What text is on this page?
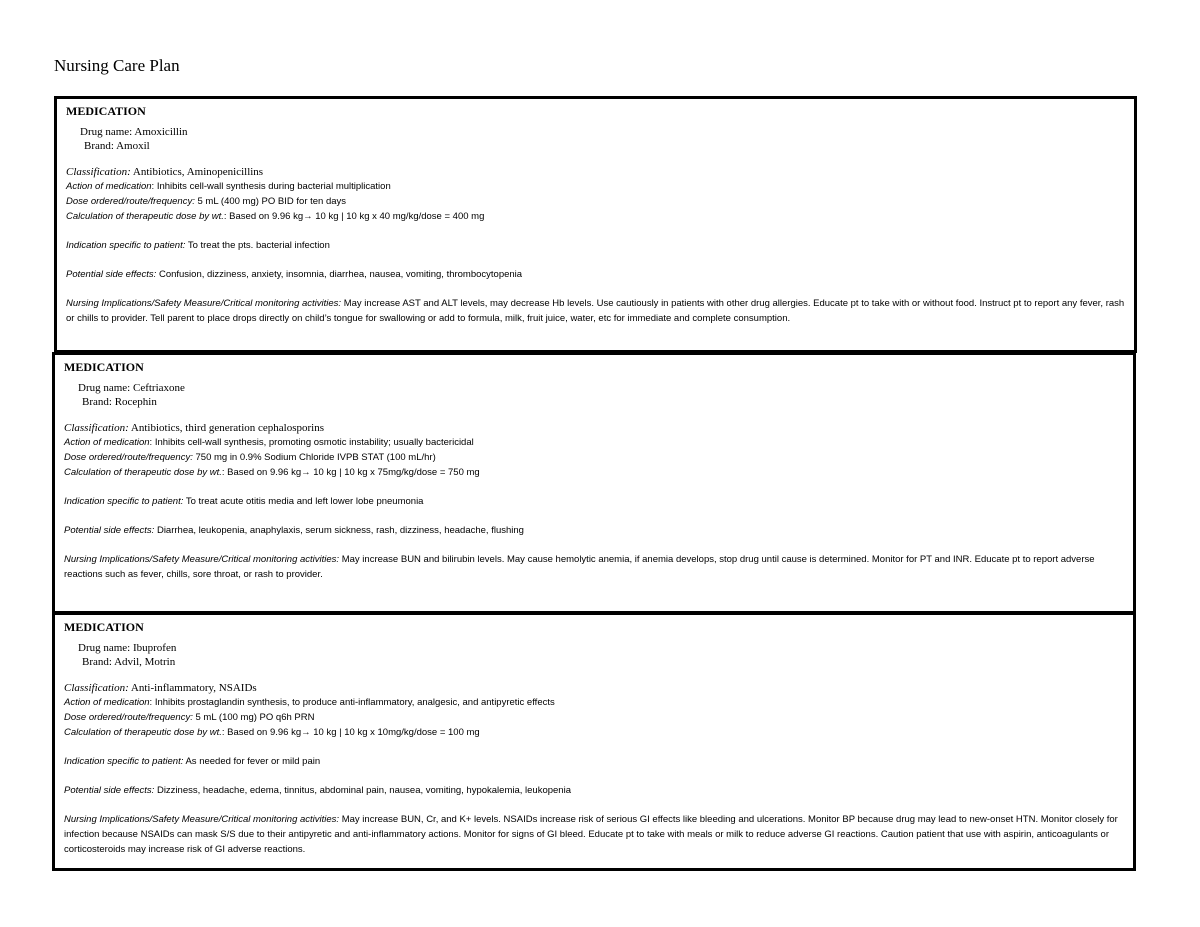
Nursing Care Plan
MEDICATION
Drug name: Amoxicillin
Brand: Amoxil
Classification: Antibiotics, Aminopenicillins
Action of medication: Inhibits cell-wall synthesis during bacterial multiplication
Dose ordered/route/frequency: 5 mL (400 mg) PO BID for ten days
Calculation of therapeutic dose by wt.: Based on 9.96 kg→ 10 kg | 10 kg x 40 mg/kg/dose = 400 mg
Indication specific to patient: To treat the pts. bacterial infection
Potential side effects: Confusion, dizziness, anxiety, insomnia, diarrhea, nausea, vomiting, thrombocytopenia
Nursing Implications/Safety Measure/Critical monitoring activities: May increase AST and ALT levels, may decrease Hb levels. Use cautiously in patients with other drug allergies. Educate pt to take with or without food. Instruct pt to report any fever, rash or chills to provider. Tell parent to place drops directly on child’s tongue for swallowing or add to formula, milk, fruit juice, water, etc for immediate and complete consumption.
MEDICATION
Drug name: Ceftriaxone
Brand: Rocephin
Classification: Antibiotics, third generation cephalosporins
Action of medication: Inhibits cell-wall synthesis, promoting osmotic instability; usually bactericidal
Dose ordered/route/frequency: 750 mg in 0.9% Sodium Chloride IVPB STAT (100 mL/hr)
Calculation of therapeutic dose by wt.: Based on 9.96 kg→ 10 kg | 10 kg x 75mg/kg/dose = 750 mg
Indication specific to patient: To treat acute otitis media and left lower lobe pneumonia
Potential side effects: Diarrhea, leukopenia, anaphylaxis, serum sickness, rash, dizziness, headache, flushing
Nursing Implications/Safety Measure/Critical monitoring activities: May increase BUN and bilirubin levels. May cause hemolytic anemia, if anemia develops, stop drug until cause is determined. Monitor for PT and INR. Educate pt to report adverse reactions such as fever, chills, sore throat, or rash to provider.
MEDICATION
Drug name: Ibuprofen
Brand: Advil, Motrin
Classification: Anti-inflammatory, NSAIDs
Action of medication: Inhibits prostaglandin synthesis, to produce anti-inflammatory, analgesic, and antipyretic effects
Dose ordered/route/frequency: 5 mL (100 mg) PO q6h PRN
Calculation of therapeutic dose by wt.: Based on 9.96 kg→ 10 kg | 10 kg x 10mg/kg/dose = 100 mg
Indication specific to patient: As needed for fever or mild pain
Potential side effects: Dizziness, headache, edema, tinnitus, abdominal pain, nausea, vomiting, hypokalemia, leukopenia
Nursing Implications/Safety Measure/Critical monitoring activities: May increase BUN, Cr, and K+ levels. NSAIDs increase risk of serious GI effects like bleeding and ulcerations. Monitor BP because drug may lead to new-onset HTN. Monitor closely for infection because NSAIDs can mask S/S due to their antipyretic and anti-inflammatory actions. Monitor for signs of GI bleed. Educate pt to take with meals or milk to reduce adverse GI reactions. Caution patient that use with aspirin, anticoagulants or corticosteroids may increase risk of GI adverse reactions.
